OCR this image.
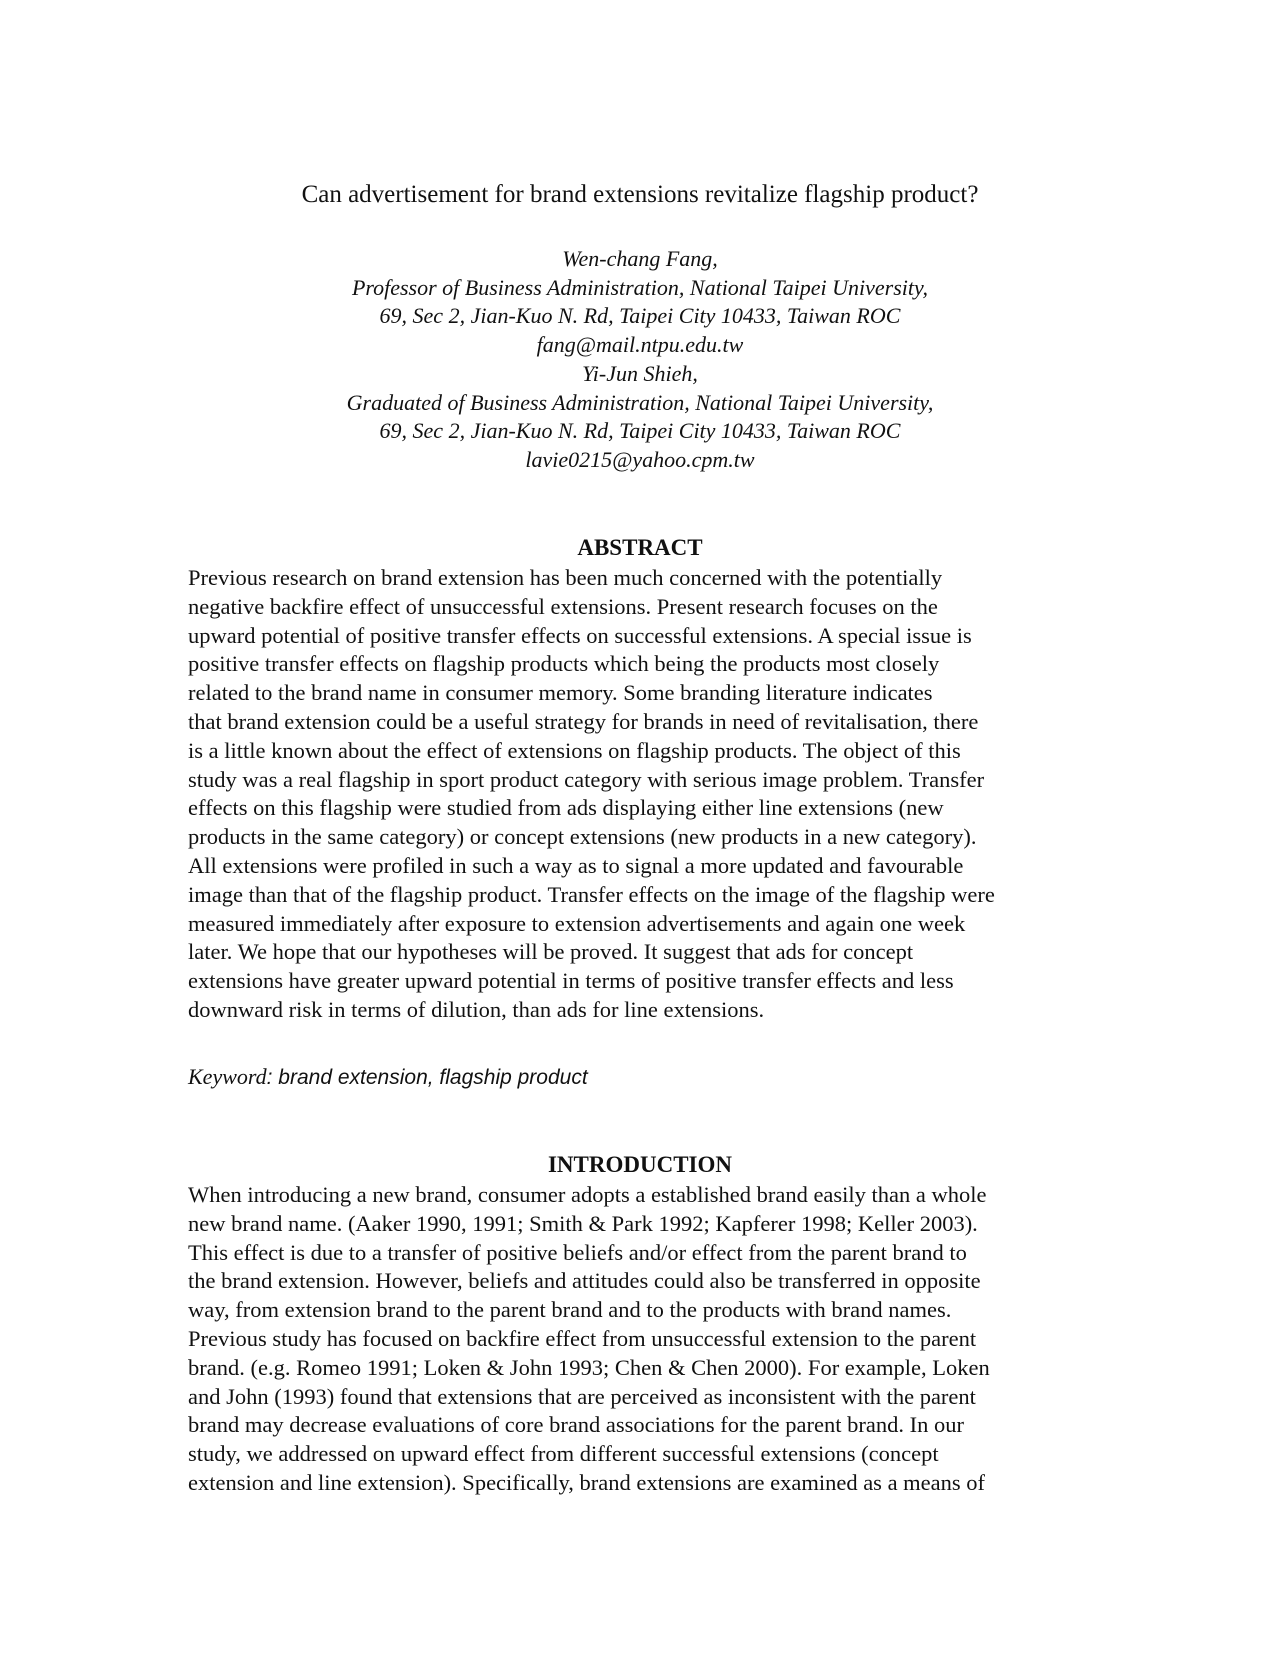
Can advertisement for brand extensions revitalize flagship product?
Wen-chang Fang,
Professor of Business Administration, National Taipei University,
69, Sec 2, Jian-Kuo N. Rd, Taipei City 10433, Taiwan ROC
fang@mail.ntpu.edu.tw
Yi-Jun Shieh,
Graduated of Business Administration, National Taipei University,
69, Sec 2, Jian-Kuo N. Rd, Taipei City 10433, Taiwan ROC
lavie0215@yahoo.cpm.tw
ABSTRACT
Previous research on brand extension has been much concerned with the potentially
negative backfire effect of unsuccessful extensions. Present research focuses on the
upward potential of positive transfer effects on successful extensions. A special issue is
positive transfer effects on flagship products which being the products most closely
related to the brand name in consumer memory. Some branding literature indicates
that brand extension could be a useful strategy for brands in need of revitalisation, there
is a little known about the effect of extensions on flagship products. The object of this
study was a real flagship in sport product category with serious image problem. Transfer
effects on this flagship were studied from ads displaying either line extensions (new
products in the same category) or concept extensions (new products in a new category).
All extensions were profiled in such a way as to signal a more updated and favourable
image than that of the flagship product. Transfer effects on the image of the flagship were
measured immediately after exposure to extension advertisements and again one week
later. We hope that our hypotheses will be proved. It suggest that ads for concept
extensions have greater upward potential in terms of positive transfer effects and less
downward risk in terms of dilution, than ads for line extensions.
Keyword: brand extension, flagship product
INTRODUCTION
When introducing a new brand, consumer adopts a established brand easily than a whole
new brand name. (Aaker 1990, 1991; Smith & Park 1992; Kapferer 1998; Keller 2003).
This effect is due to a transfer of positive beliefs and/or effect from the parent brand to
the brand extension. However, beliefs and attitudes could also be transferred in opposite
way, from extension brand to the parent brand and to the products with brand names.
Previous study has focused on backfire effect from unsuccessful extension to the parent
brand. (e.g. Romeo 1991; Loken & John 1993; Chen & Chen 2000). For example, Loken
and John (1993) found that extensions that are perceived as inconsistent with the parent
brand may decrease evaluations of core brand associations for the parent brand. In our
study, we addressed on upward effect from different successful extensions (concept
extension and line extension). Specifically, brand extensions are examined as a means of
